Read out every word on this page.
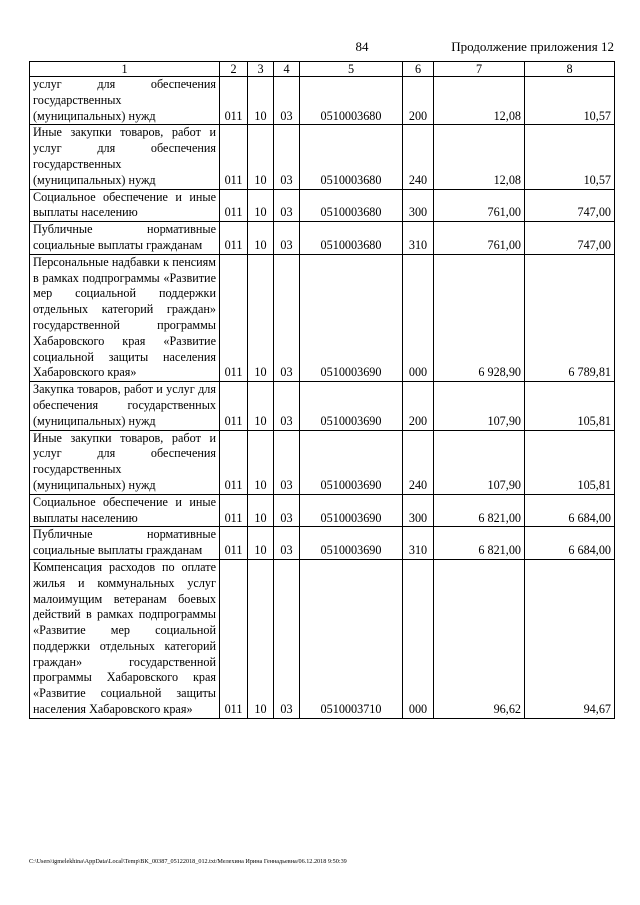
84	Продолжение приложения 12
1	2	3	4	5	6	7	8
услуг для обеспечения государственных (муниципальных) нужд	011	10	03	0510003680	200	12,08	10,57
Иные закупки товаров, работ и услуг для обеспечения государственных (муниципальных) нужд	011	10	03	0510003680	240	12,08	10,57
Социальное обеспечение и иные выплаты населению	011	10	03	0510003680	300	761,00	747,00
Публичные нормативные социальные выплаты гражданам	011	10	03	0510003680	310	761,00	747,00
Персональные надбавки к пенсиям в рамках подпрограммы «Развитие мер социальной поддержки отдельных категорий граждан» государственной программы Хабаровского края «Развитие социальной защиты населения Хабаровского края»	011	10	03	0510003690	000	6 928,90	6 789,81
Закупка товаров, работ и услуг для обеспечения государственных (муниципальных) нужд	011	10	03	0510003690	200	107,90	105,81
Иные закупки товаров, работ и услуг для обеспечения государственных (муниципальных) нужд	011	10	03	0510003690	240	107,90	105,81
Социальное обеспечение и иные выплаты населению	011	10	03	0510003690	300	6 821,00	6 684,00
Публичные нормативные социальные выплаты гражданам	011	10	03	0510003690	310	6 821,00	6 684,00
Компенсация расходов по оплате жилья и коммунальных услуг малоимущим ветеранам боевых действий в рамках подпрограммы «Развитие мер социальной поддержки отдельных категорий граждан» государственной программы Хабаровского края «Развитие социальной защиты населения Хабаровского края»	011	10	03	0510003710	000	96,62	94,67
C:\Users\igmelekhina\AppData\Local\Temp\BK_00387_05122018_012.txt/Мелехина Ирина Геннадьевна/06.12.2018 9:50:39
